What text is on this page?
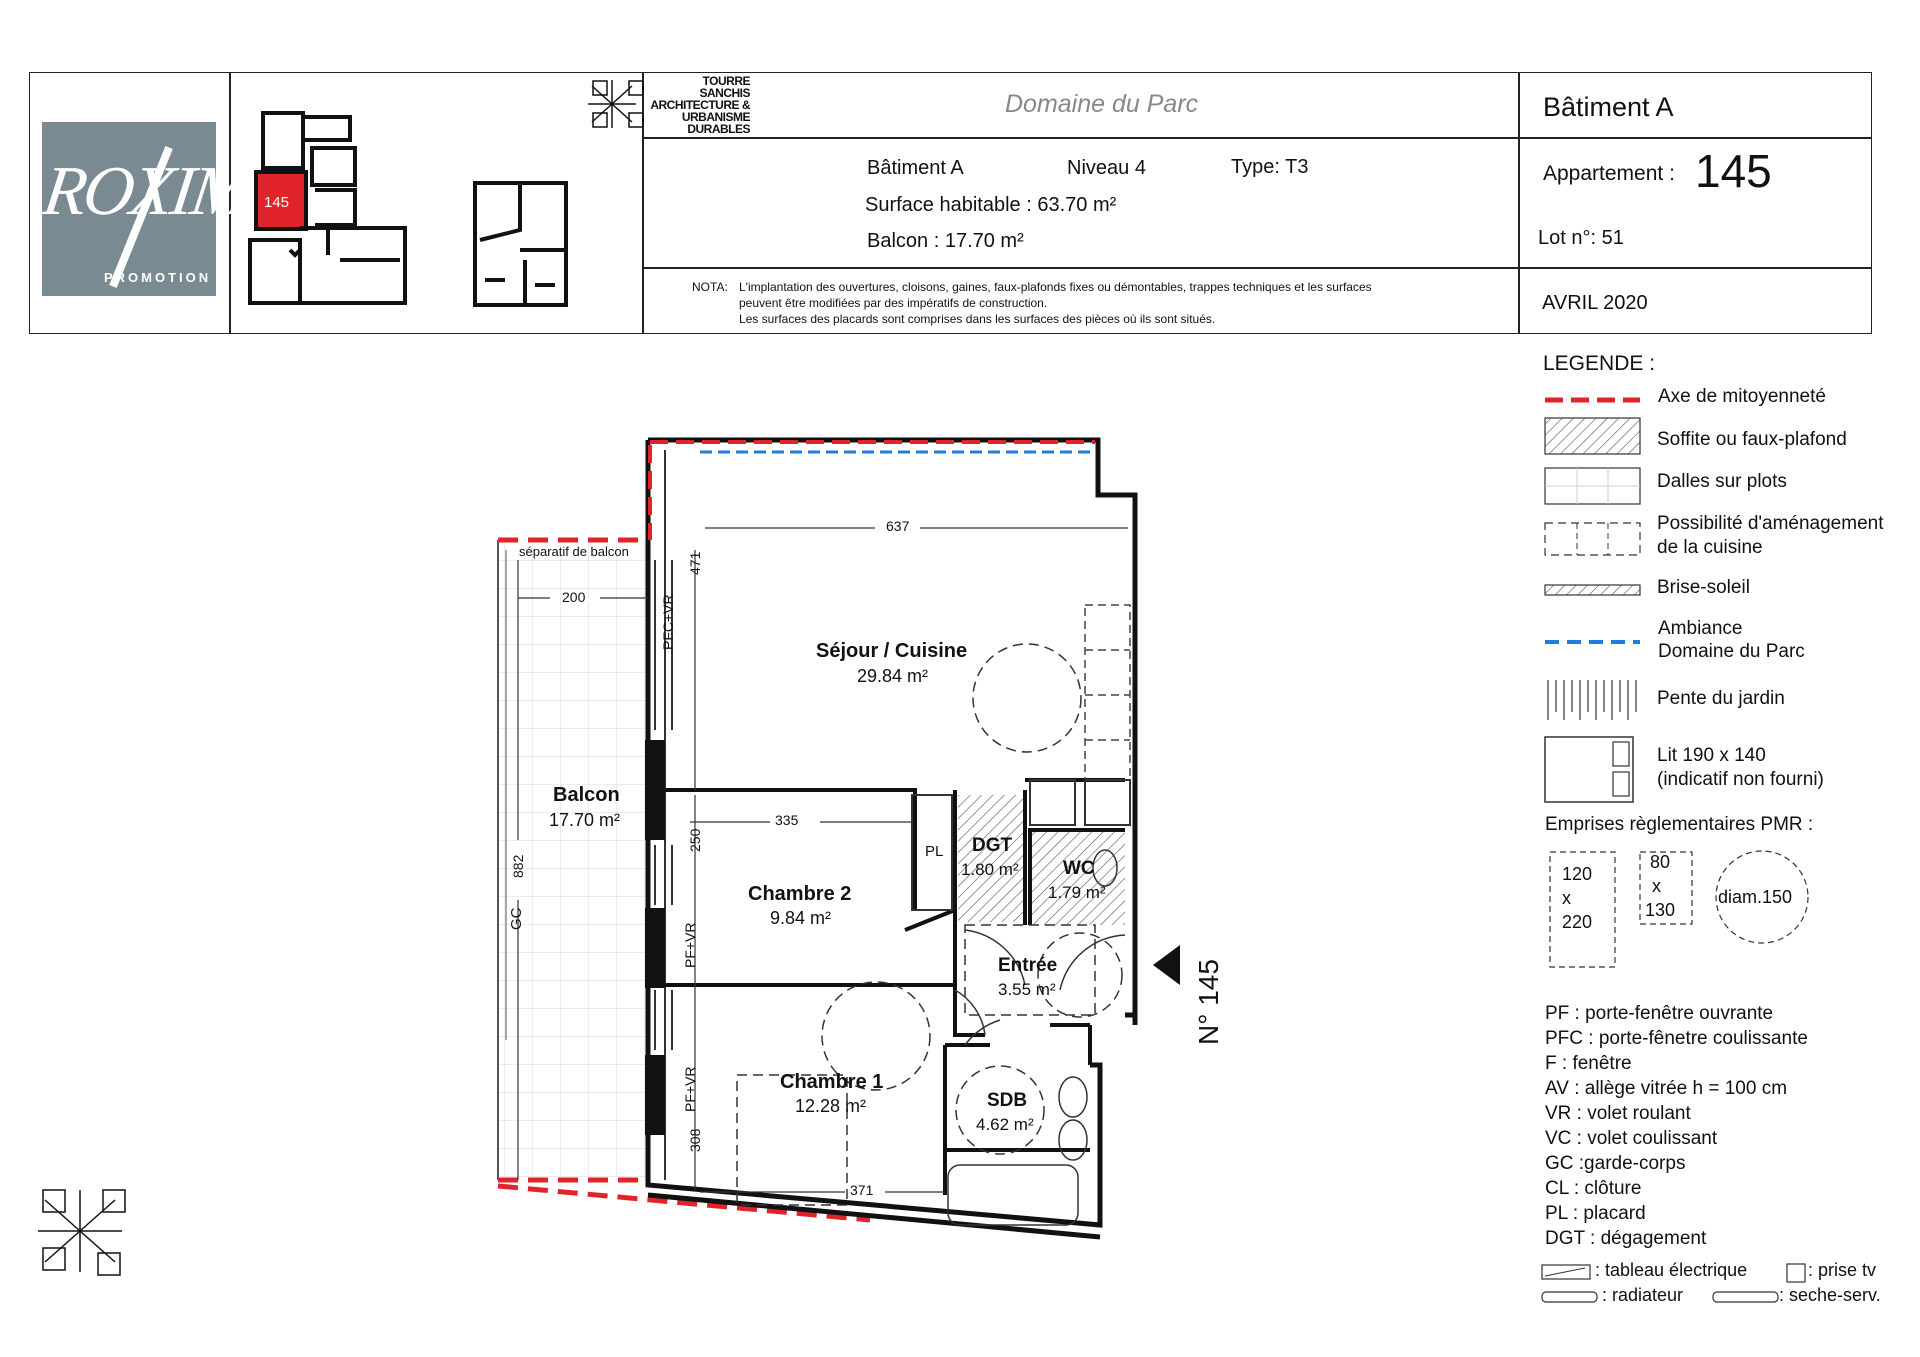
ROXIM
PROMOTION
TOURRE
SANCHIS
ARCHITECTURE &
URBANISME
DURABLES
Domaine du Parc
Bâtiment A	Niveau 4	Type: T3
Surface habitable : 63.70 m²
Balcon : 17.70 m²
NOTA: L'implantation des ouvertures, cloisons, gaines, faux-plafonds fixes ou démontables, trappes techniques et les surfaces
peuvent être modifiées par des impératifs de construction.
Les surfaces des placards sont comprises dans les surfaces des pièces où ils sont situés.
Bâtiment A
Appartement : 145
Lot n°: 51
AVRIL 2020
145
Séjour / Cuisine
29.84 m²
Balcon
17.70 m²
Chambre 2
9.84 m²
DGT
1.80 m² WC
1.79 m²
Entrée
3.55 m²
Chambre 1
12.28 m²	SDB
4.62 m²
séparatif de balcon
PL
PFC+VR
PF+VR
PF+VR
GC
N° 145
637
200
471
335
250
882
308
371
LEGENDE :
Axe de mitoyenneté
Soffite ou faux-plafond
Dalles sur plots
Possibilité d'aménagement
de la cuisine
Brise-soleil
Ambiance
Domaine du Parc
Pente du jardin
Lit 190 x 140
(indicatif non fourni)
Emprises règlementaires PMR :
120
x
220
80
x
130
diam.150
PF : porte-fenêtre ouvrante
PFC : porte-fênetre coulissante
F : fenêtre
AV : allège vitrée h = 100 cm
VR : volet roulant
VC : volet coulissant
GC :garde-corps
CL : clôture
PL : placard
DGT : dégagement
: tableau électrique	: prise tv
: radiateur	: seche-serv.
